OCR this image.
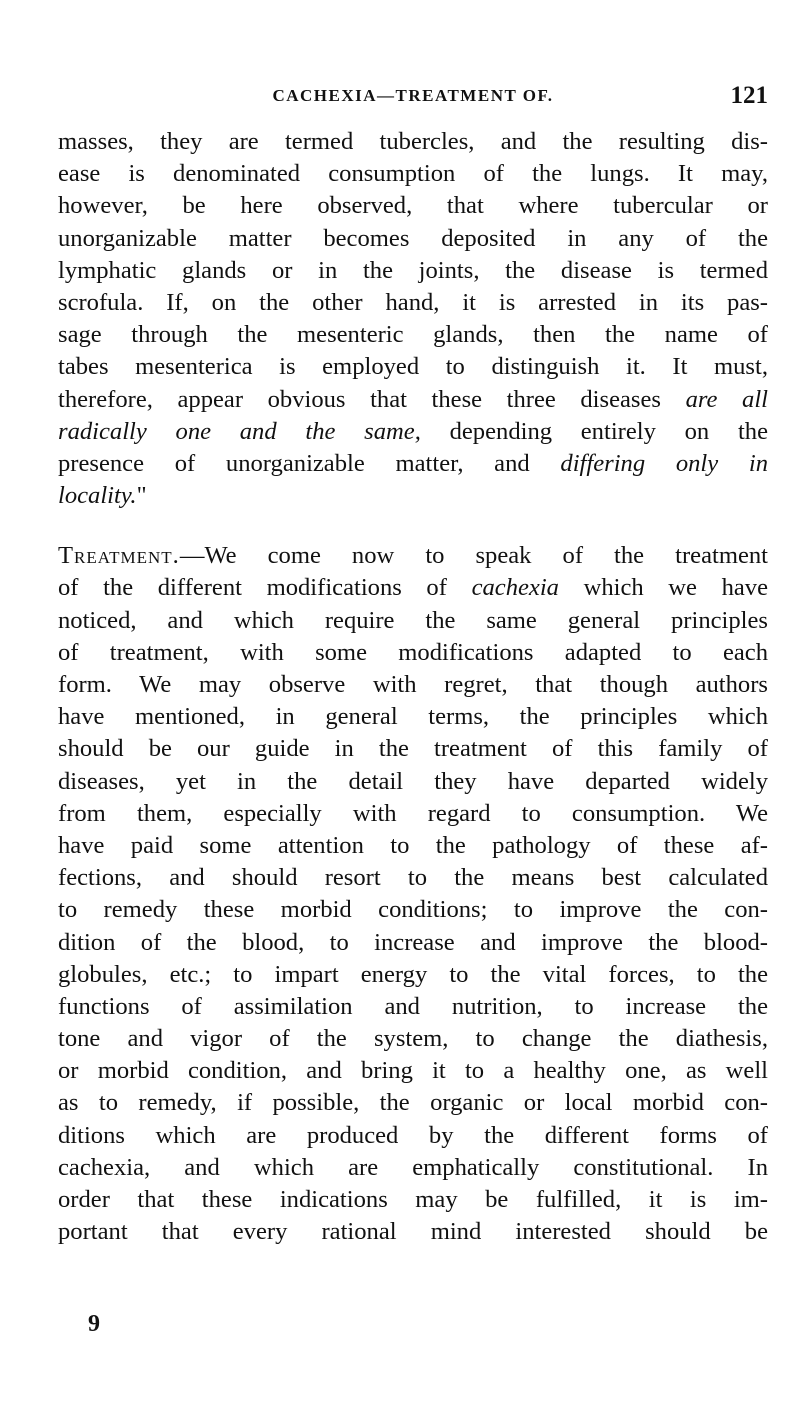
CACHEXIA—TREATMENT OF.	121
masses, they are termed tubercles, and the resulting dis-
ease is denominated consumption of the lungs. It may,
however, be here observed, that where tubercular or
unorganizable matter becomes deposited in any of the
lymphatic glands or in the joints, the disease is termed
scrofula. If, on the other hand, it is arrested in its pas-
sage through the mesenteric glands, then the name of
tabes mesenterica is employed to distinguish it. It must,
therefore, appear obvious that these three diseases are all
radically one and the same, depending entirely on the
presence of unorganizable matter, and differing only in
locality."
Treatment.—We come now to speak of the treatment
of the different modifications of cachexia which we have
noticed, and which require the same general principles
of treatment, with some modifications adapted to each
form. We may observe with regret, that though authors
have mentioned, in general terms, the principles which
should be our guide in the treatment of this family of
diseases, yet in the detail they have departed widely
from them, especially with regard to consumption. We
have paid some attention to the pathology of these af-
fections, and should resort to the means best calculated
to remedy these morbid conditions; to improve the con-
dition of the blood, to increase and improve the blood-
globules, etc.; to impart energy to the vital forces, to the
functions of assimilation and nutrition, to increase the
tone and vigor of the system, to change the diathesis,
or morbid condition, and bring it to a healthy one, as well
as to remedy, if possible, the organic or local morbid con-
ditions which are produced by the different forms of
cachexia, and which are emphatically constitutional. In
order that these indications may be fulfilled, it is im-
portant that every rational mind interested should be
9
